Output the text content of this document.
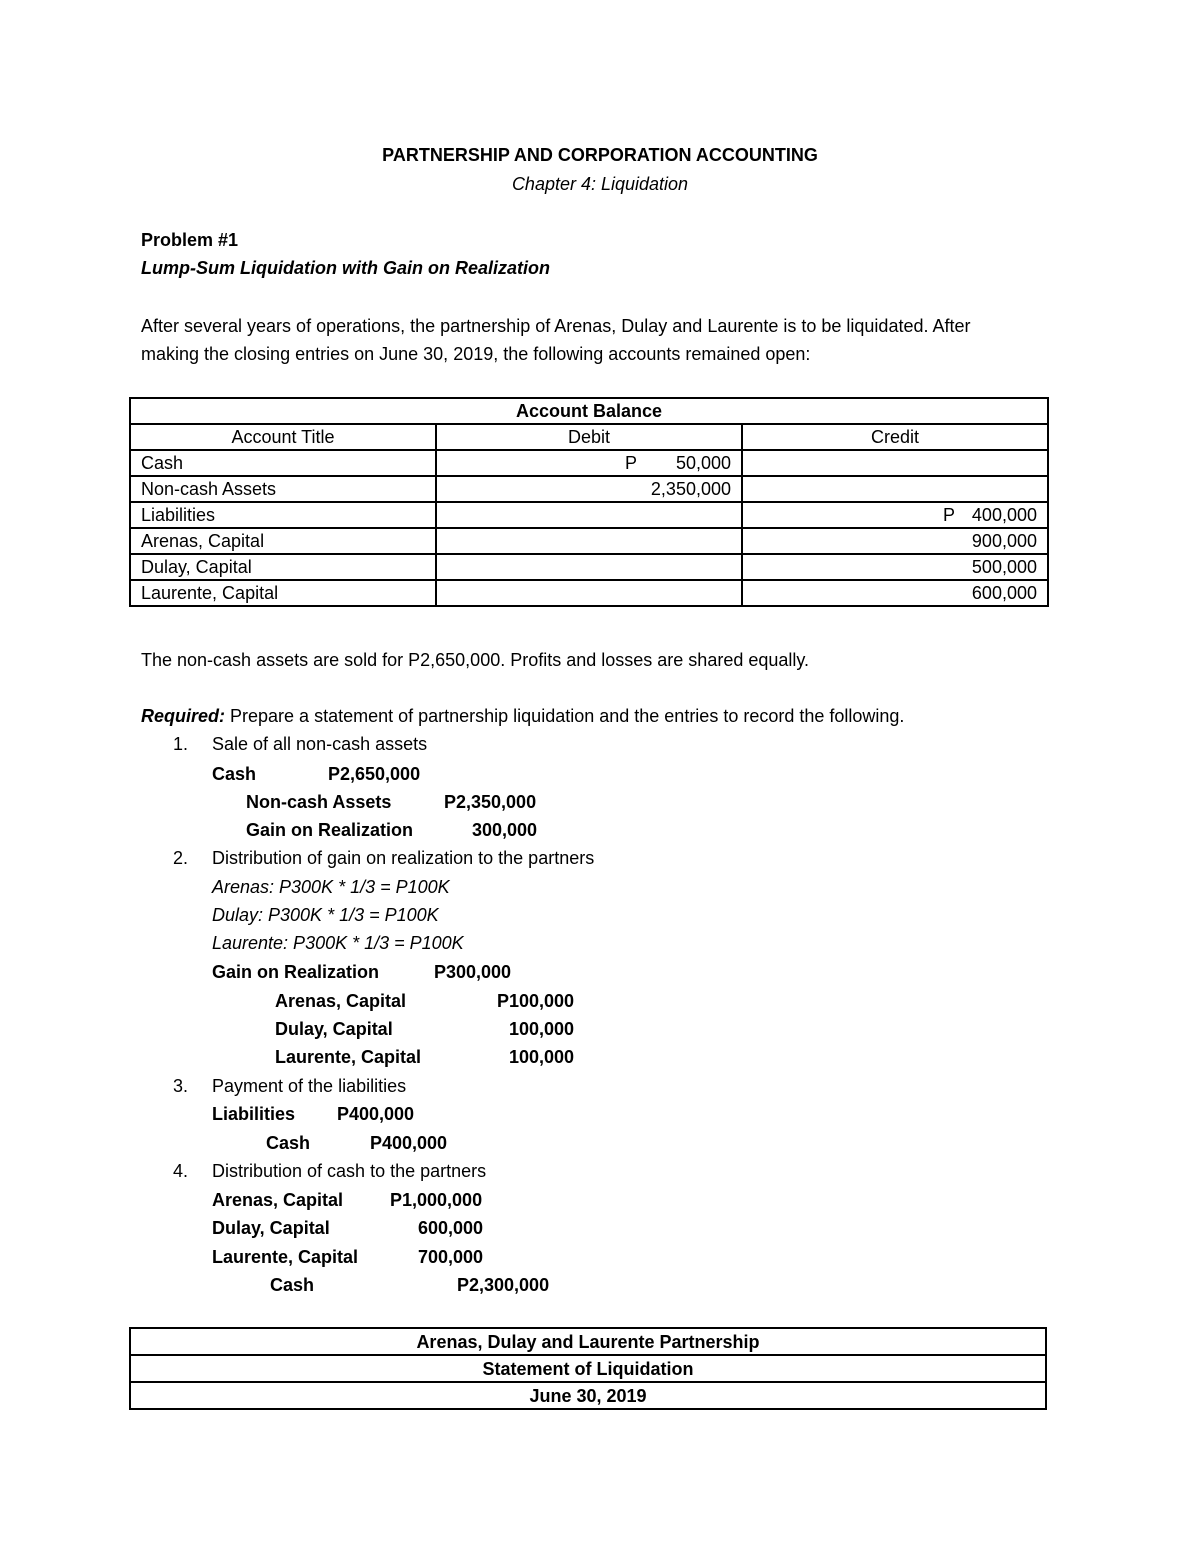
PARTNERSHIP AND CORPORATION ACCOUNTING
Chapter 4: Liquidation
Problem #1
Lump-Sum Liquidation with Gain on Realization
After several years of operations, the partnership of Arenas, Dulay and Laurente is to be liquidated. After
making the closing entries on June 30, 2019, the following accounts remained open:
Account Balance		
Account Title	Debit	Credit
Cash	P 50,000	
Non-cash Assets	2,350,000	
Liabilities		P 400,000
Arenas, Capital		900,000
Dulay, Capital		500,000
Laurente, Capital		600,000
The non-cash assets are sold for P2,650,000. Profits and losses are shared equally.
Required: Prepare a statement of partnership liquidation and the entries to record the following.
1. Sale of all non-cash assets
Cash	P2,650,000
Non-cash Assets	P2,350,000
Gain on Realization	300,000
2. Distribution of gain on realization to the partners
Arenas: P300K * 1/3 = P100K
Dulay: P300K * 1/3 = P100K
Laurente: P300K * 1/3 = P100K
Gain on Realization	P300,000
Arenas, Capital	P100,000
Dulay, Capital	100,000
Laurente, Capital	100,000
3. Payment of the liabilities
Liabilities P400,000
Cash	P400,000
4. Distribution of cash to the partners
Arenas, Capital	P1,000,000
Dulay, Capital	600,000
Laurente, Capital	700,000
Cash	P2,300,000
Arenas, Dulay and Laurente Partnership
Statement of Liquidation
June 30, 2019
